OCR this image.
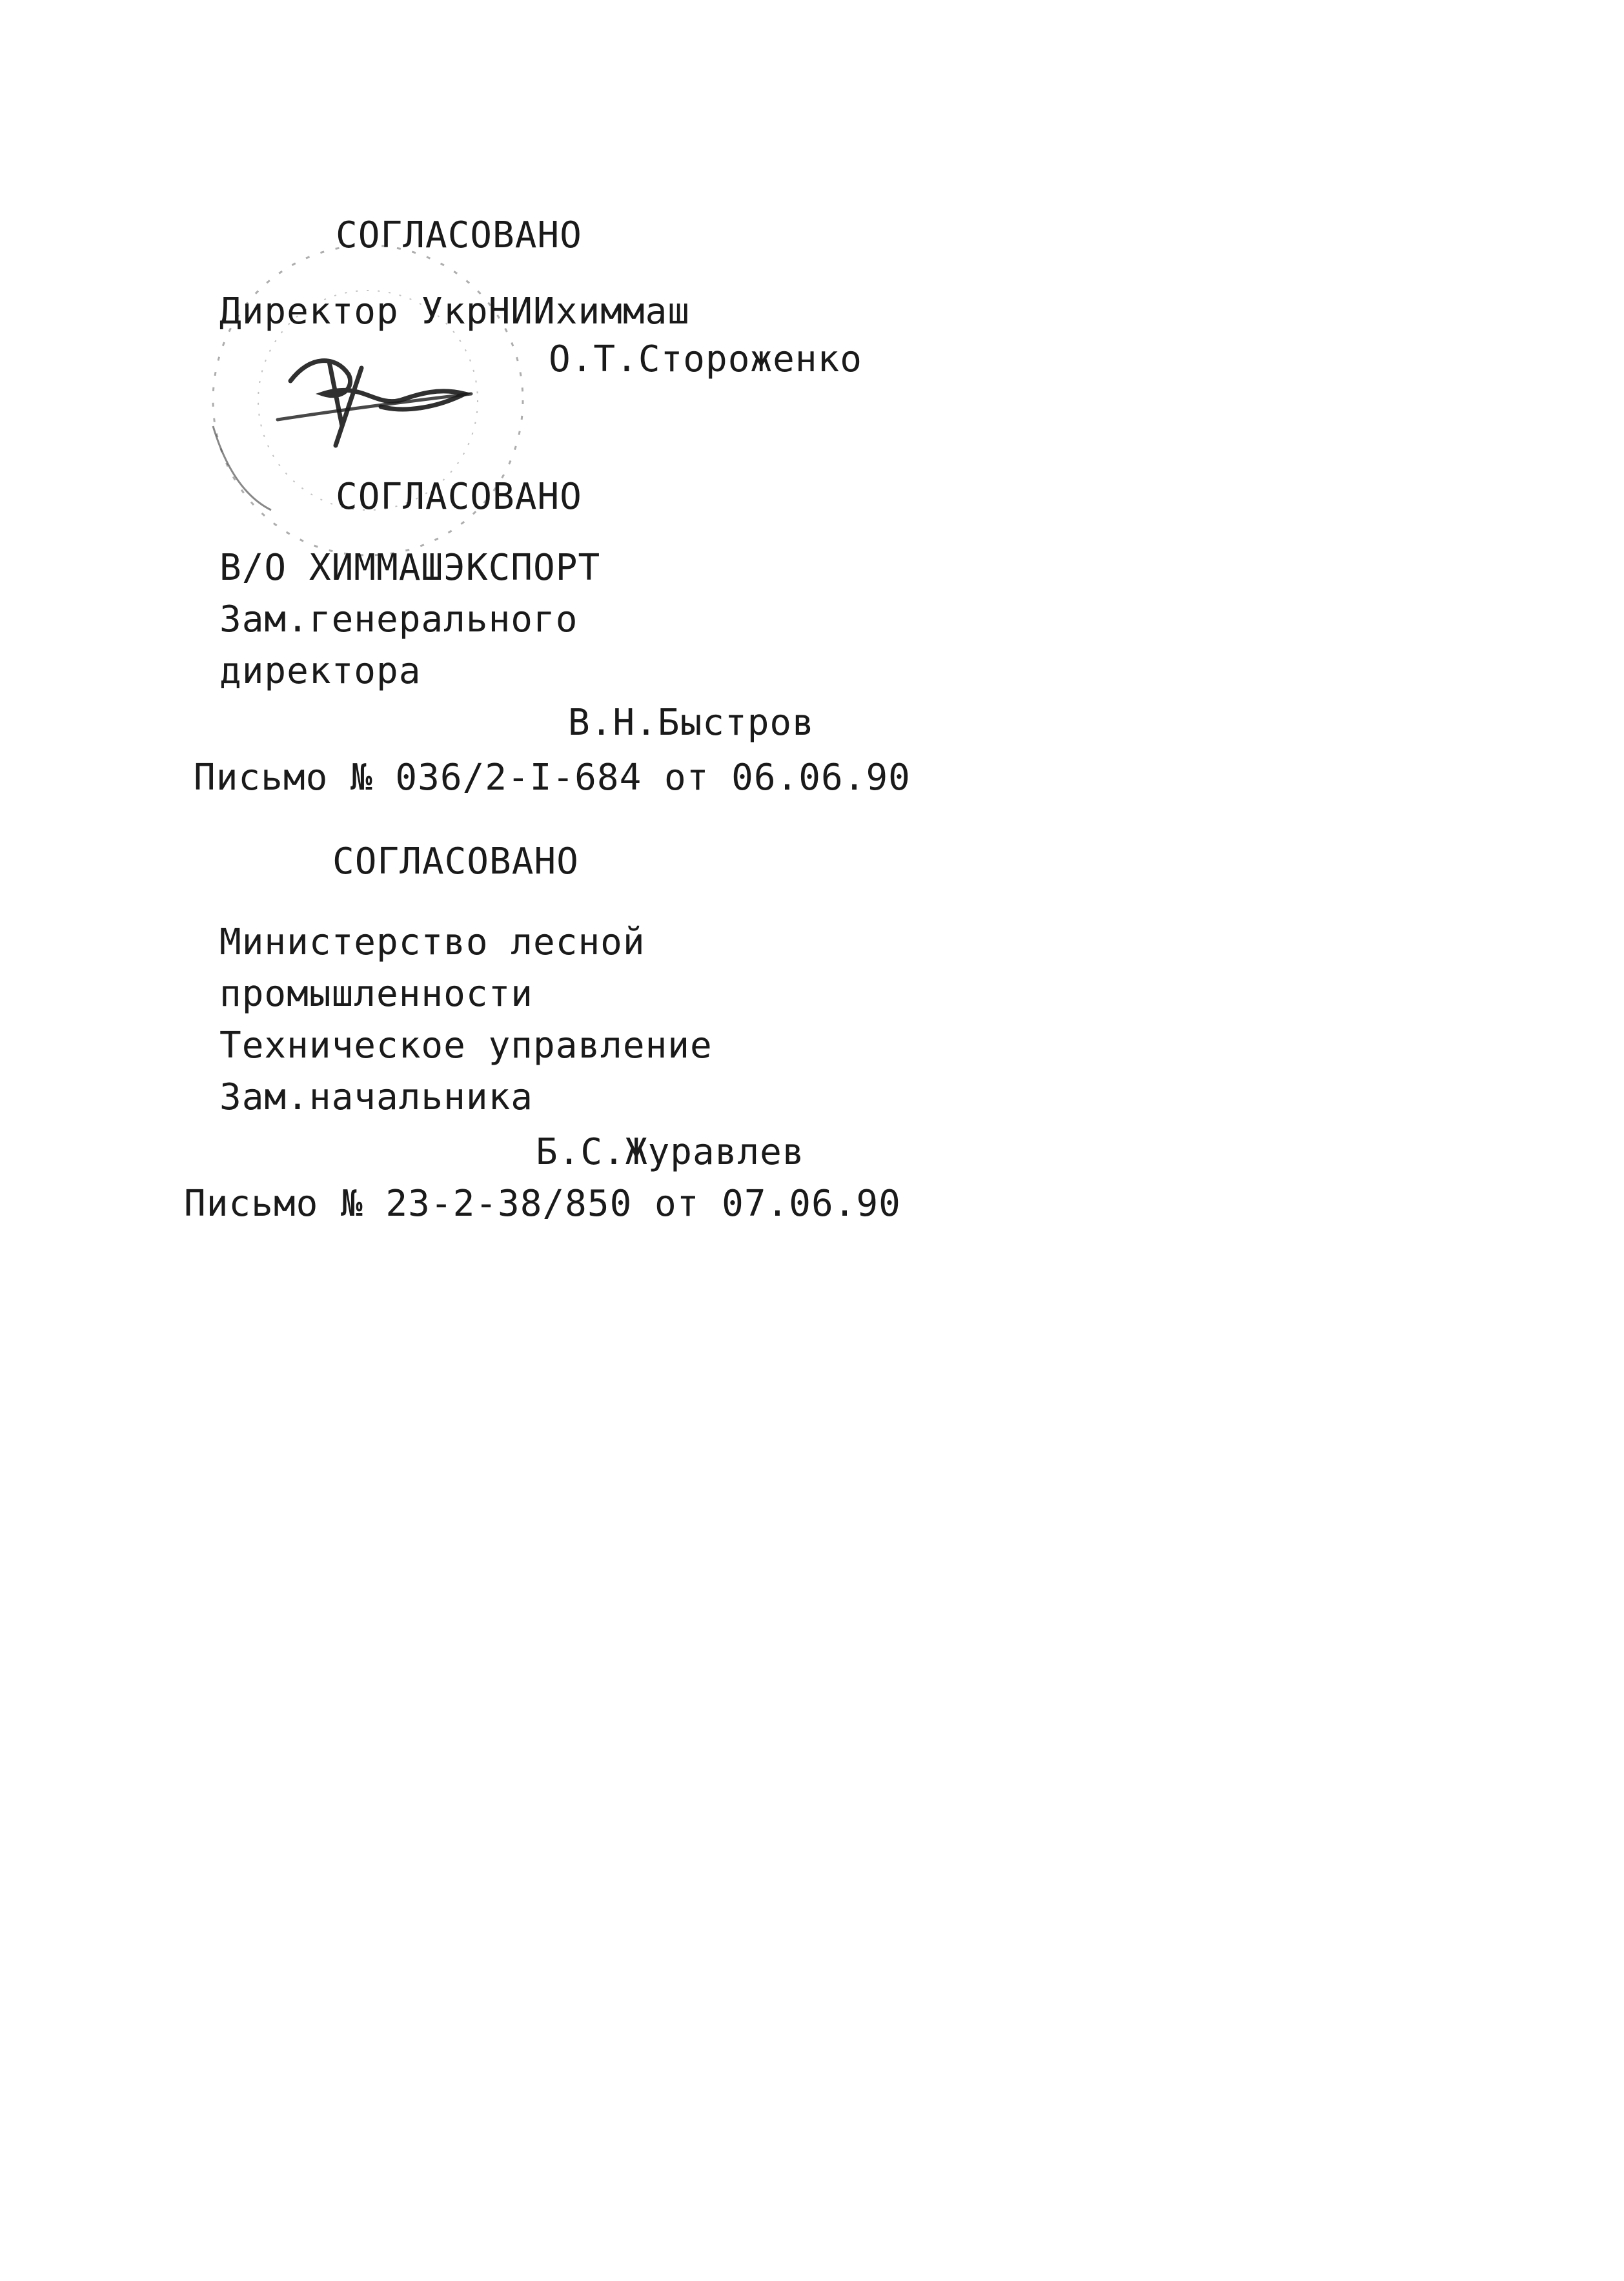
СОГЛАСОВАНО
Директор УкрНИИхиммаш
О.Т.Стороженко
СОГЛАСОВАНО
В/О ХИММАШЭКСПОРТ
Зам.генерального
директора
В.Н.Быстров
Письмо № 036/2-I-684 от 06.06.90
СОГЛАСОВАНО
Министерство лесной
промышленности
Техническое управление
Зам.начальника
Б.С.Журавлев
Письмо № 23-2-38/850 от 07.06.90
